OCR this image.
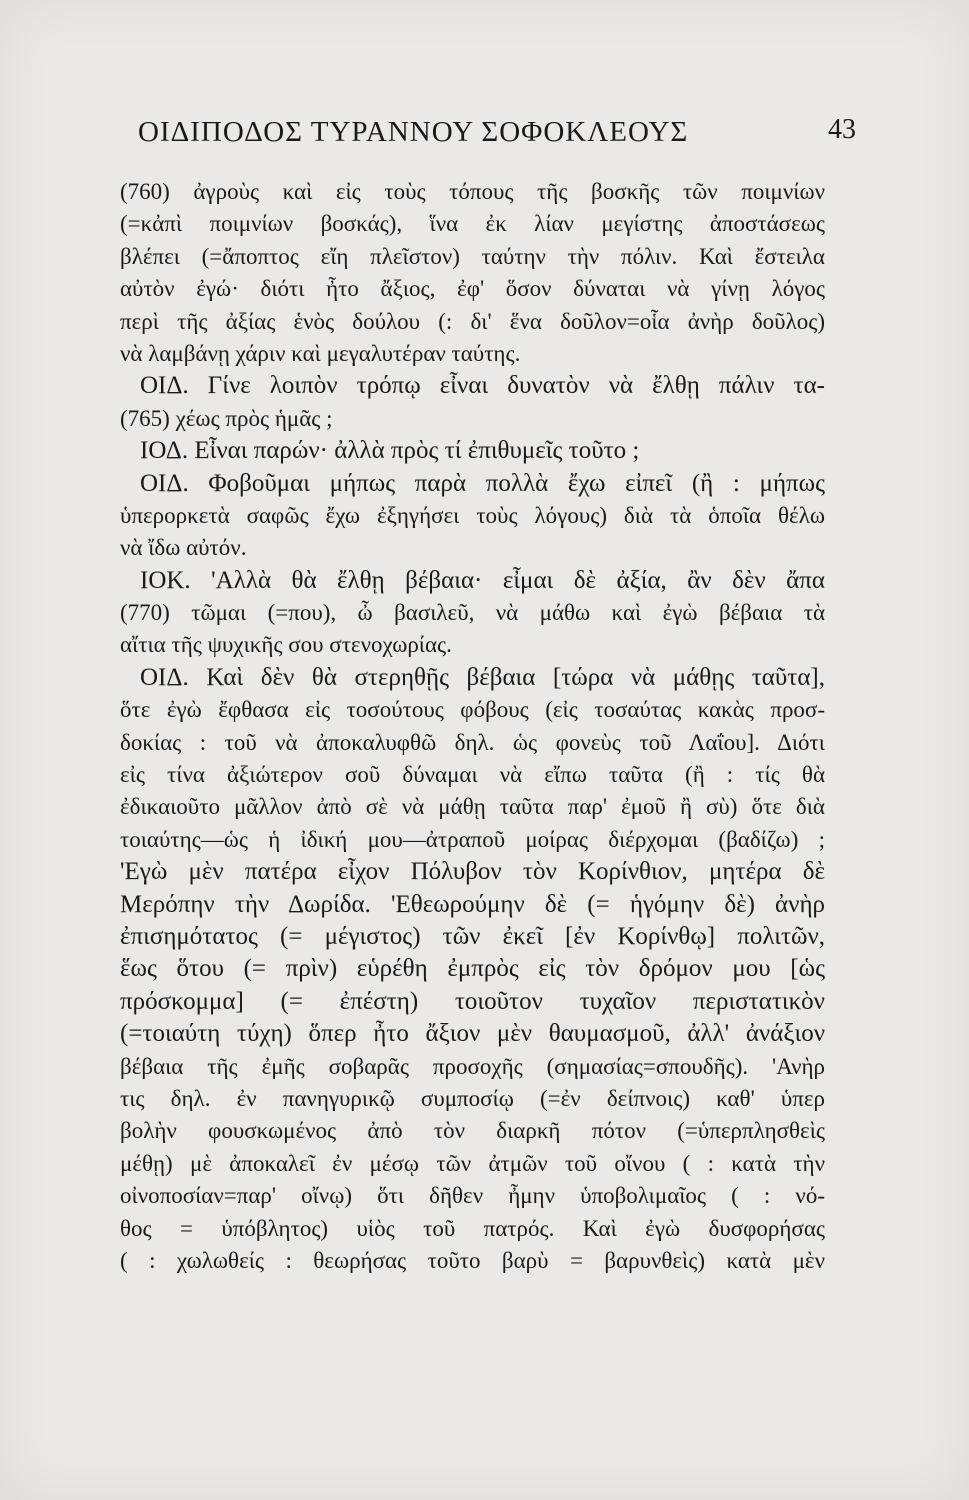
ΟΙΔΙΠΟΔΟΣ ΤΥΡΑΝΝΟΥ ΣΟΦΟΚΛΕΟΥΣ	43
(760) ἀγροὺς καὶ εἰς τοὺς τόπους τῆς βοσκῆς τῶν ποιμνίων
(=κἀπὶ ποιμνίων βοσκάς), ἵνα ἐκ λίαν μεγίστης ἀποστάσεως
βλέπει (=ἄποπτος εἴη πλεῖστον) ταύτην τὴν πόλιν. Καὶ ἔστειλα
αὐτὸν ἐγώ· διότι ἦτο ἄξιος, ἐφ' ὅσον δύναται νὰ γίνῃ λόγος
περὶ τῆς ἀξίας ἑνὸς δούλου (: δι' ἕνα δοῦλον=οἷα ἀνὴρ δοῦλος)
νὰ λαμβάνῃ χάριν καὶ μεγαλυτέραν ταύτης.
ΟΙΔ. Γίνε λοιπὸν τρόπῳ εἶναι δυνατὸν νὰ ἔλθῃ πάλιν τα-
(765) χέως πρὸς ἡμᾶς ;
ΙΟΔ. Εἶναι παρών· ἀλλὰ πρὸς τί ἐπιθυμεῖς τοῦτο ;
ΟΙΔ. Φοβοῦμαι μήπως παρὰ πολλὰ ἔχω εἰπεῖ (ἢ : μήπως
ὑπερορκετὰ σαφῶς ἔχω ἐξηγήσει τοὺς λόγους) διὰ τὰ ὁποῖα θέλω
νὰ ἴδω αὐτόν.
ΙΟΚ. 'Αλλὰ θὰ ἔλθῃ βέβαια· εἶμαι δὲ ἀξία, ἂν δὲν ἄπα
(770) τῶμαι (=που), ὦ βασιλεῦ, νὰ μάθω καὶ ἐγὼ βέβαια τὰ
αἴτια τῆς ψυχικῆς σου στενοχωρίας.
ΟΙΔ. Καὶ δὲν θὰ στερηθῇς βέβαια [τώρα νὰ μάθῃς ταῦτα],
ὅτε ἐγὼ ἔφθασα εἰς τοσούτους φόβους (εἰς τοσαύτας κακὰς προσ-
δοκίας : τοῦ νὰ ἀποκαλυφθῶ δηλ. ὡς φονεὺς τοῦ Λαΐου]. Διότι
εἰς τίνα ἀξιώτερον σοῦ δύναμαι νὰ εἴπω ταῦτα (ἢ : τίς θὰ
ἐδικαιοῦτο μᾶλλον ἀπὸ σὲ νὰ μάθῃ ταῦτα παρ' ἐμοῦ ἢ σὺ) ὅτε διὰ
τοιαύτης—ὡς ἡ ἰδική μου—ἀτραποῦ μοίρας διέρχομαι (βαδίζω) ;
'Εγὼ μὲν πατέρα εἶχον Πόλυβον τὸν Κορίνθιον, μητέρα δὲ
Μερόπην τὴν Δωρίδα. 'Εθεωρούμην δὲ (= ἡγόμην δὲ) ἀνὴρ
ἐπισημότατος (= μέγιστος) τῶν ἐκεῖ [ἐν Κορίνθῳ] πολιτῶν,
ἕως ὅτου (= πρὶν) εὑρέθη ἐμπρὸς εἰς τὸν δρόμον μου [ὡς
πρόσκομμα] (= ἐπέστη) τοιοῦτον τυχαῖον περιστατικὸν
(=τοιαύτη τύχη) ὅπερ ἦτο ἄξιον μὲν θαυμασμοῦ, ἀλλ' ἀνάξιον
βέβαια τῆς ἐμῆς σοβαρᾶς προσοχῆς (σημασίας=σπουδῆς). 'Ανὴρ
τις δηλ. ἐν πανηγυρικῷ συμποσίῳ (=ἐν δείπνοις) καθ' ὑπερ
βολὴν φουσκωμένος ἀπὸ τὸν διαρκῆ πότον (=ὑπερπλησθεὶς
μέθῃ) μὲ ἀποκαλεῖ ἐν μέσῳ τῶν ἀτμῶν τοῦ οἴνου ( : κατὰ τὴν
οἰνοποσίαν=παρ' οἴνῳ) ὅτι δῆθεν ἦμην ὑποβολιμαῖος ( : νό-
θος = ὑπόβλητος) υἱὸς τοῦ πατρός. Καὶ ἐγὼ δυσφορήσας
( : χωλωθείς : θεωρήσας τοῦτο βαρὺ = βαρυνθεὶς) κατὰ μὲν
